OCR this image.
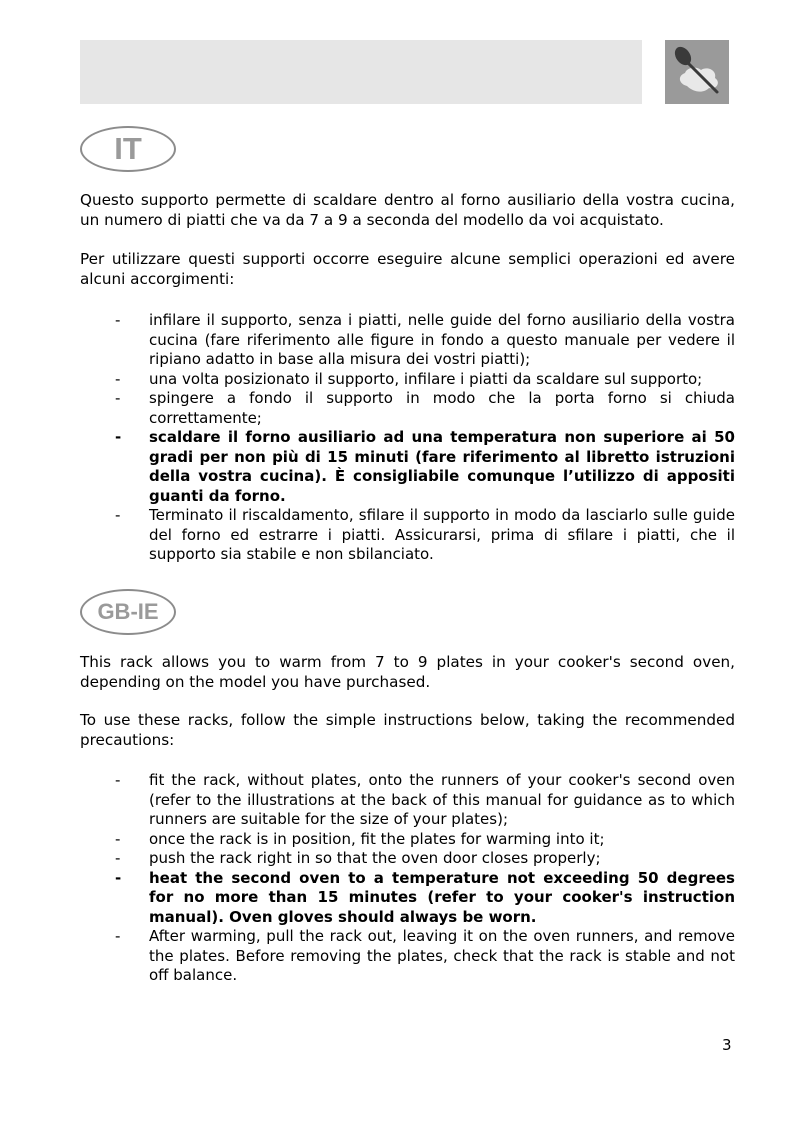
IT

Questo supporto permette di scaldare dentro al forno ausiliario della vostra cucina, un numero di piatti che va da 7 a 9 a seconda del modello da voi acquistato.

Per utilizzare questi supporti occorre eseguire alcune semplici operazioni ed avere alcuni accorgimenti:

- infilare il supporto, senza i piatti, nelle guide del forno ausiliario della vostra cucina (fare riferimento alle figure in fondo a questo manuale per vedere il ripiano adatto in base alla misura dei vostri piatti);
- una volta posizionato il supporto, infilare i piatti da scaldare sul supporto;
- spingere a fondo il supporto in modo che la porta forno si chiuda correttamente;
- scaldare il forno ausiliario ad una temperatura non superiore ai 50 gradi per non più di 15 minuti (fare riferimento al libretto istruzioni della vostra cucina). È consigliabile comunque l’utilizzo di appositi guanti da forno.
- Terminato il riscaldamento, sfilare il supporto in modo da lasciarlo sulle guide del forno ed estrarre i piatti. Assicurarsi, prima di sfilare i piatti, che il supporto sia stabile e non sbilanciato.
GB-IE

This rack allows you to warm from 7 to 9 plates in your cooker's second oven, depending on the model you have purchased.

To use these racks, follow the simple instructions below, taking the recommended precautions:

- fit the rack, without plates, onto the runners of your cooker's second oven (refer to the illustrations at the back of this manual for guidance as to which runners are suitable for the size of your plates);
- once the rack is in position, fit the plates for warming into it;
- push the rack right in so that the oven door closes properly;
- heat the second oven to a temperature not exceeding 50 degrees for no more than 15 minutes (refer to your cooker's instruction manual). Oven gloves should always be worn.
- After warming, pull the rack out, leaving it on the oven runners, and remove the plates. Before removing the plates, check that the rack is stable and not off balance.
3
